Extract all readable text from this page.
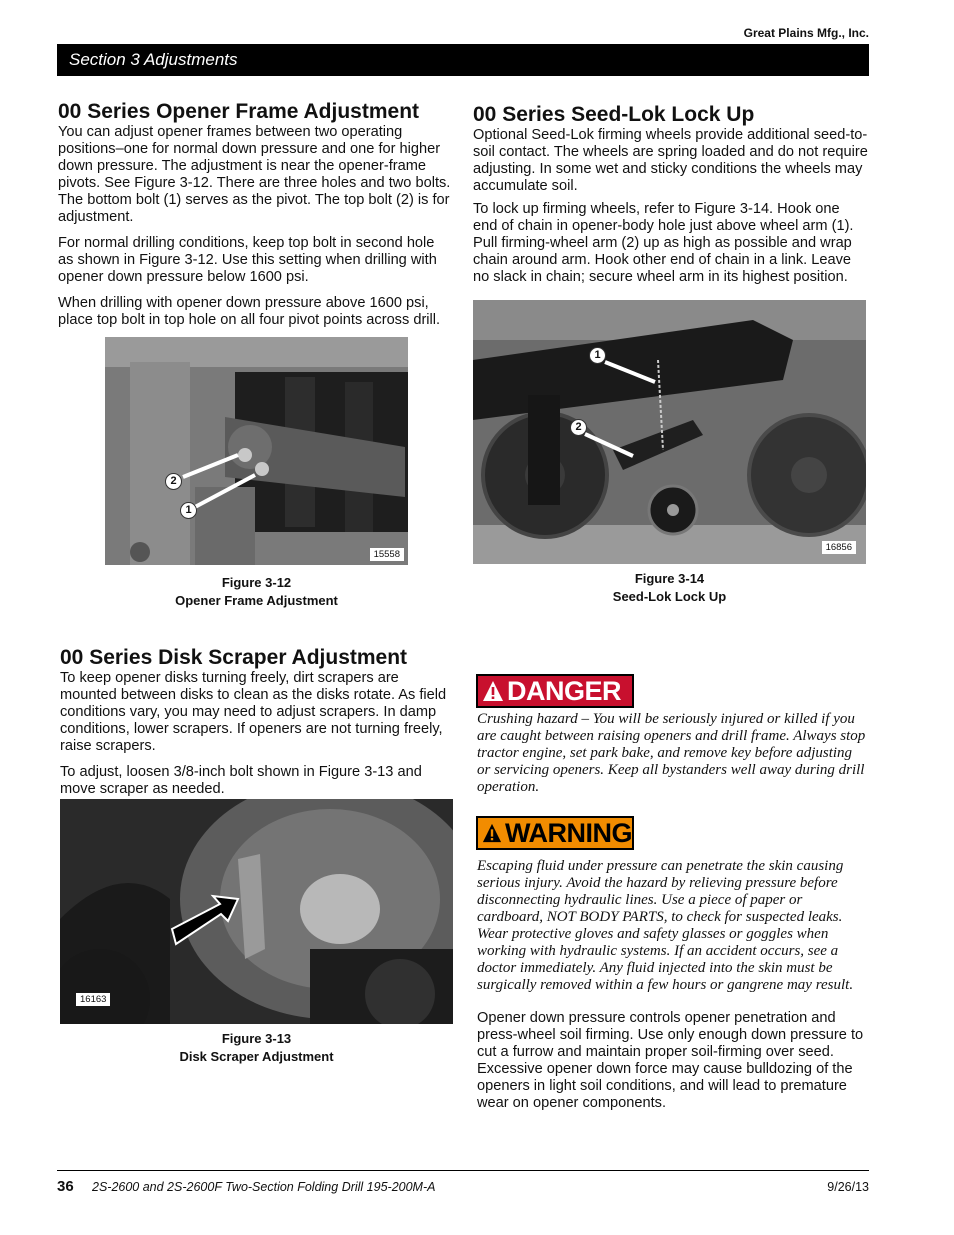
Great Plains Mfg., Inc.
Section 3 Adjustments
00 Series Opener Frame Adjustment

You can adjust opener frames between two operating positions–one for normal down pressure and one for higher down pressure. The adjustment is near the opener-frame pivots. See Figure 3-12. There are three holes and two bolts. The bottom bolt (1) serves as the pivot. The top bolt (2) is for adjustment.

For normal drilling conditions, keep top bolt in second hole as shown in Figure 3-12. Use this setting when drilling with opener down pressure below 1600 psi.

When drilling with opener down pressure above 1600 psi, place top bolt in top hole on all four pivot points across drill.

2
1
15558
Figure 3-12
Opener Frame Adjustment
00 Series Seed-Lok Lock Up

Optional Seed-Lok firming wheels provide additional seed-to-soil contact. The wheels are spring loaded and do not require adjusting. In some wet and sticky conditions the wheels may accumulate soil.

To lock up firming wheels, refer to Figure 3-14. Hook one end of chain in opener-body hole just above wheel arm (1). Pull firming-wheel arm (2) up as high as possible and wrap chain around arm. Hook other end of chain in a link. Leave no slack in chain; secure wheel arm in its highest position.

1
2
16856
Figure 3-14
Seed-Lok Lock Up
00 Series Disk Scraper Adjustment

To keep opener disks turning freely, dirt scrapers are mounted between disks to clean as the disks rotate. As field conditions vary, you may need to adjust scrapers. In damp conditions, lower scrapers. If openers are not turning freely, raise scrapers.

To adjust, loosen 3/8-inch bolt shown in Figure 3-13 and move scraper as needed.

16163
Figure 3-13
Disk Scraper Adjustment
DANGER

Crushing hazard – You will be seriously injured or killed if you are caught between raising openers and drill frame. Always stop tractor engine, set park bake, and remove key before adjusting or servicing openers. Keep all bystanders well away during drill operation.

WARNING

Escaping fluid under pressure can penetrate the skin causing serious injury. Avoid the hazard by relieving pressure before disconnecting hydraulic lines. Use a piece of paper or cardboard, NOT BODY PARTS, to check for suspected leaks. Wear protective gloves and safety glasses or goggles when working with hydraulic systems. If an accident occurs, see a doctor immediately. Any fluid injected into the skin must be surgically removed within a few hours or gangrene may result.

Opener down pressure controls opener penetration and press-wheel soil firming. Use only enough down pressure to cut a furrow and maintain proper soil-firming over seed. Excessive opener down force may cause bulldozing of the openers in light soil conditions, and will lead to premature wear on opener components.

36 2S-2600 and 2S-2600F Two-Section Folding Drill 195-200M-A	9/26/13
